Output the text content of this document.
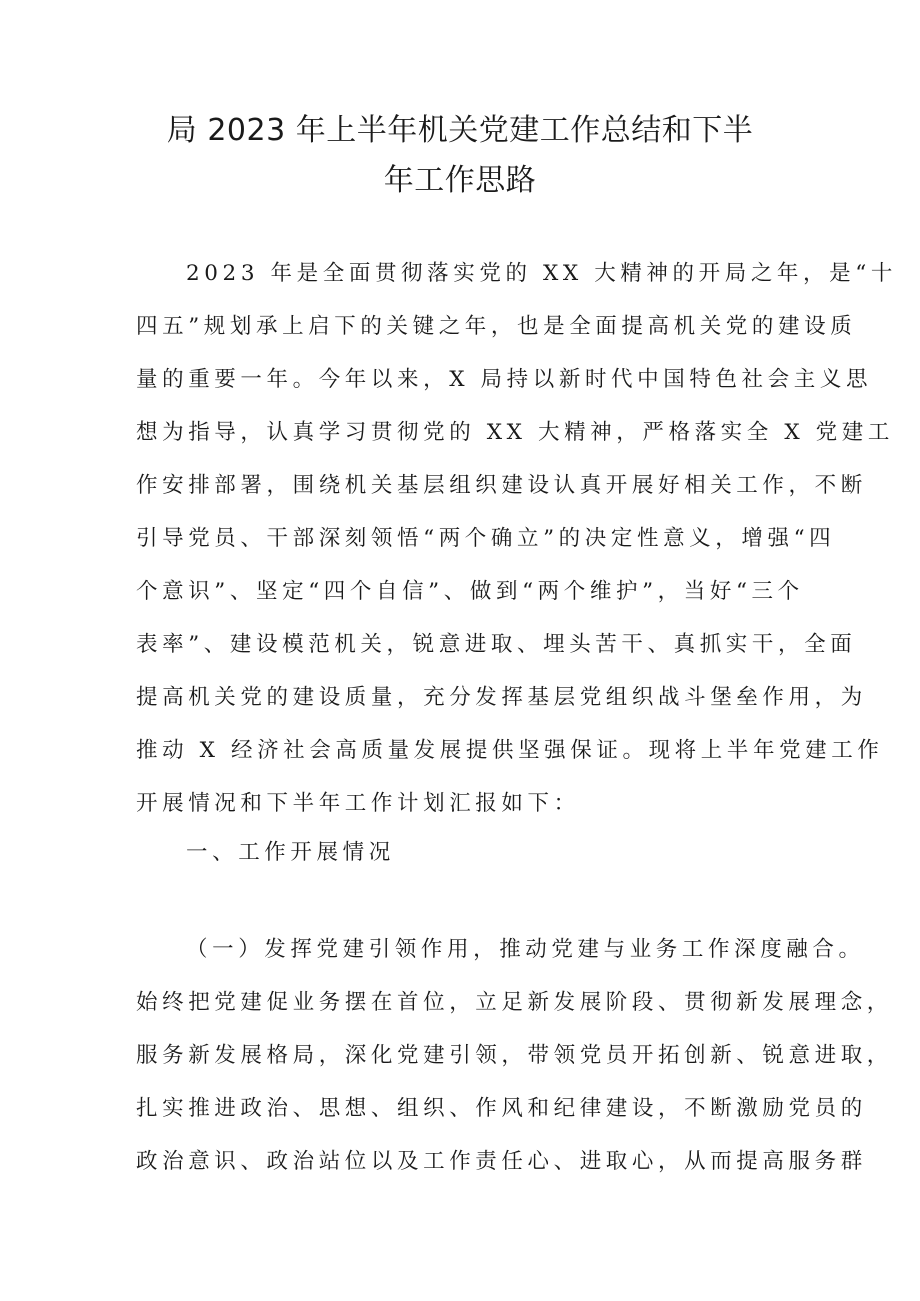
局 2023 年上半年机关党建工作总结和下半
年工作思路

2023 年是全面贯彻落实党的 XX 大精神的开局之年，是“十

四五”规划承上启下的关键之年，也是全面提高机关党的建设质

量的重要一年。今年以来，X 局持以新时代中国特色社会主义思

想为指导，认真学习贯彻党的 XX 大精神，严格落实全 X 党建工

作安排部署，围绕机关基层组织建设认真开展好相关工作，不断

引导党员、干部深刻领悟“两个确立”的决定性意义，增强“四

个意识”、坚定“四个自信”、做到“两个维护”，当好“三个

表率”、建设模范机关，锐意进取、埋头苦干、真抓实干，全面

提高机关党的建设质量，充分发挥基层党组织战斗堡垒作用，为

推动 X 经济社会高质量发展提供坚强保证。现将上半年党建工作

开展情况和下半年工作计划汇报如下：

一、工作开展情况

（一）发挥党建引领作用，推动党建与业务工作深度融合。

始终把党建促业务摆在首位，立足新发展阶段、贯彻新发展理念，

服务新发展格局，深化党建引领，带领党员开拓创新、锐意进取，

扎实推进政治、思想、组织、作风和纪律建设，不断激励党员的

政治意识、政治站位以及工作责任心、进取心，从而提高服务群
